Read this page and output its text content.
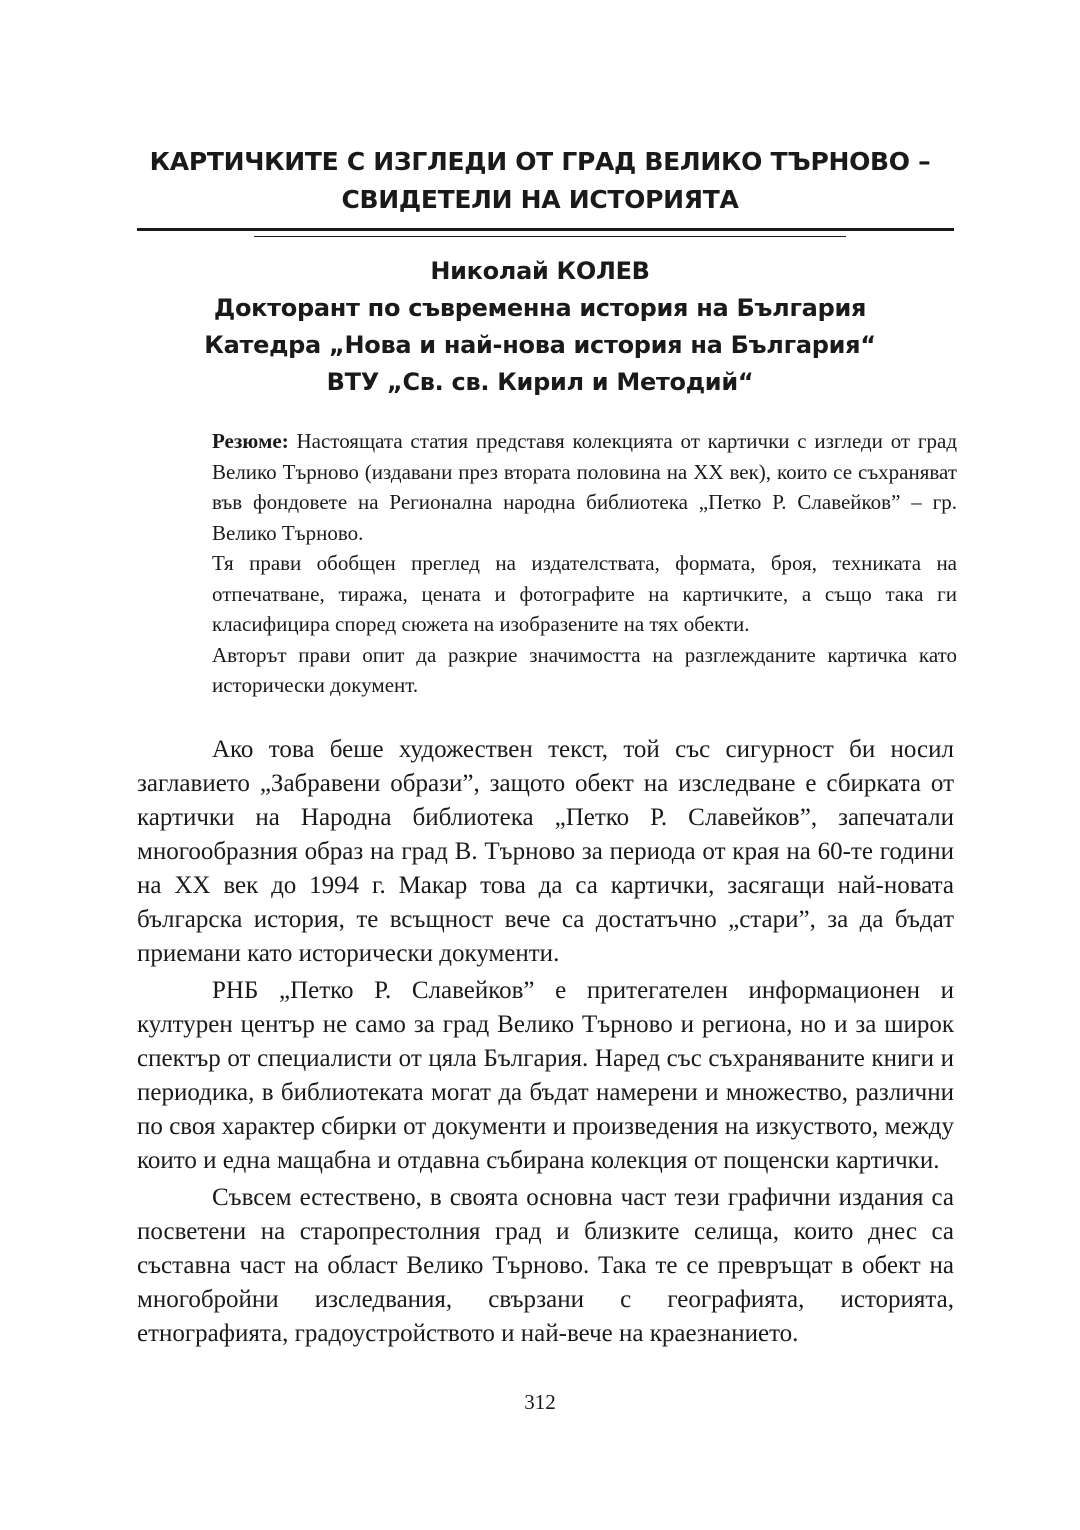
КАРТИЧКИТЕ С ИЗГЛЕДИ ОТ ГРАД ВЕЛИКО ТЪРНОВО –
СВИДЕТЕЛИ НА ИСТОРИЯТА
Николай КОЛЕВ
Докторант по съвременна история на България
Катедра „Нова и най-нова история на България“
ВТУ „Св. св. Кирил и Методий“

Резюме: Настоящата статия представя колекцията от картички с изгледи от град Велико Търново (издавани през втората половина на XX век), които се съхраняват във фондовете на Регионална народна библиотека „Петко Р. Славейков” – гр. Велико Търново.

Тя прави обобщен преглед на издателствата, формата, броя, техниката на отпечатване, тиража, цената и фотографите на картичките, а също така ги класифицира според сюжета на изобразените на тях обекти.

Авторът прави опит да разкрие значимостта на разглежданите картичка като исторически документ.

Ако това беше художествен текст, той със сигурност би носил заглавието „Забравени образи”, защото обект на изследване е сбирката от картички на Народна библиотека „Петко Р. Славейков”, запечатали многообразния образ на град В. Търново за периода от края на 60-те години на XX век до 1994 г. Макар това да са картички, засягащи най-новата българска история, те всъщност вече са достатъчно „стари”, за да бъдат приемани като исторически документи.

РНБ „Петко Р. Славейков” е притегателен информационен и културен център не само за град Велико Търново и региона, но и за широк спектър от специалисти от цяла България. Наред със съхраняваните книги и периодика, в библиотеката могат да бъдат намерени и множество, различни по своя характер сбирки от документи и произведения на изкуството, между които и една мащабна и отдавна събирана колекция от пощенски картички.

Съвсем естествено, в своята основна част тези графични издания са посветени на старопрестолния град и близките селища, които днес са съставна част на област Велико Търново. Така те се превръщат в обект на многобройни изследвания, свързани с географията, историята, етнографията, градоустройството и най-вече на краезнанието.

312
